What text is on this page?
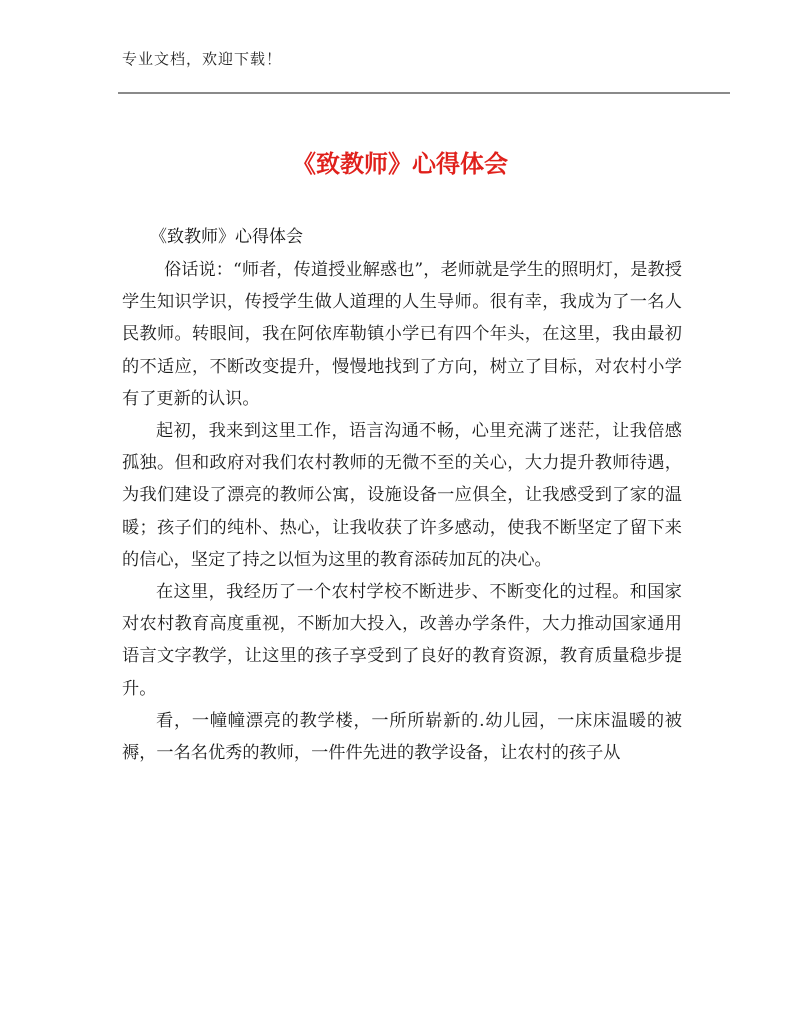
专业文档，欢迎下载！
《致教师》心得体会
《致教师》心得体会

俗话说：“师者，传道授业解惑也”，老师就是学生的照明灯，是教授学生知识学识，传授学生做人道理的人生导师。很有幸，我成为了一名人民教师。转眼间，我在阿依库勒镇小学已有四个年头，在这里，我由最初的不适应，不断改变提升，慢慢地找到了方向，树立了目标，对农村小学有了更新的认识。

起初，我来到这里工作，语言沟通不畅，心里充满了迷茫，让我倍感孤独。但和政府对我们农村教师的无微不至的关心，大力提升教师待遇，为我们建设了漂亮的教师公寓，设施设备一应俱全，让我感受到了家的温暖；孩子们的纯朴、热心，让我收获了许多感动，使我不断坚定了留下来的信心，坚定了持之以恒为这里的教育添砖加瓦的决心。

在这里，我经历了一个农村学校不断进步、不断变化的过程。和国家对农村教育高度重视，不断加大投入，改善办学条件，大力推动国家通用语言文字教学，让这里的孩子享受到了良好的教育资源，教育质量稳步提升。

看，一幢幢漂亮的教学楼，一所所崭新的.幼儿园，一床床温暖的被褥，一名名优秀的教师，一件件先进的教学设备，让农村的孩子从
